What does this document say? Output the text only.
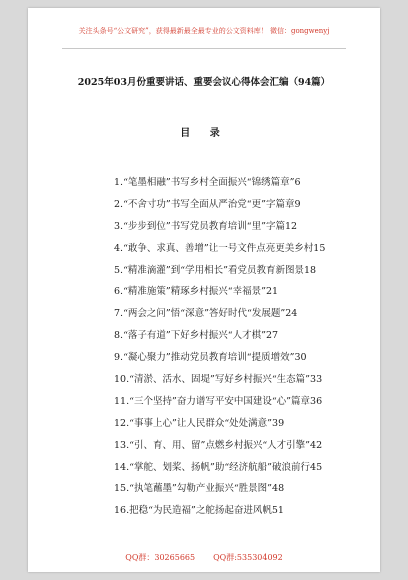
关注头条号“公文研究”，获得最新最全最专业的公文资料库！ 微信：gongwenyj
2025年03月份重要讲话、重要会议心得体会汇编（94篇）
目 录
1.“笔墨相融”书写乡村全面振兴“锦绣篇章”6
2.“不舍寸功”书写全面从严治党“更”字篇章9
3.“步步到位”书写党员教育培训“里”字篇12
4.“敢争、求真、善增”让一号文件点亮更美乡村15
5.“精准滴灌”到“学用相长”看党员教育新图景18
6.“精准施策”精琢乡村振兴“幸福景”21
7.“两会之问”悟“深意”答好时代“发展题”24
8.“落子有道”下好乡村振兴“人才棋”27
9.“凝心聚力”推动党员教育培训“提质增效”30
10.“清淤、活水、固堤”写好乡村振兴“生态篇”33
11.“三个坚持”奋力谱写平安中国建设“心”篇章36
12.“事事上心”让人民群众“处处满意”39
13.“引、育、用、留”点燃乡村振兴“人才引擎”42
14.“掌舵、划桨、扬帆”助“经济航船”破浪前行45
15.“执笔蘸墨”勾勒产业振兴“胜景图”48
16.把稳“为民造福”之舵扬起奋进风帆51
QQ群：30265665 QQ群:535304092
